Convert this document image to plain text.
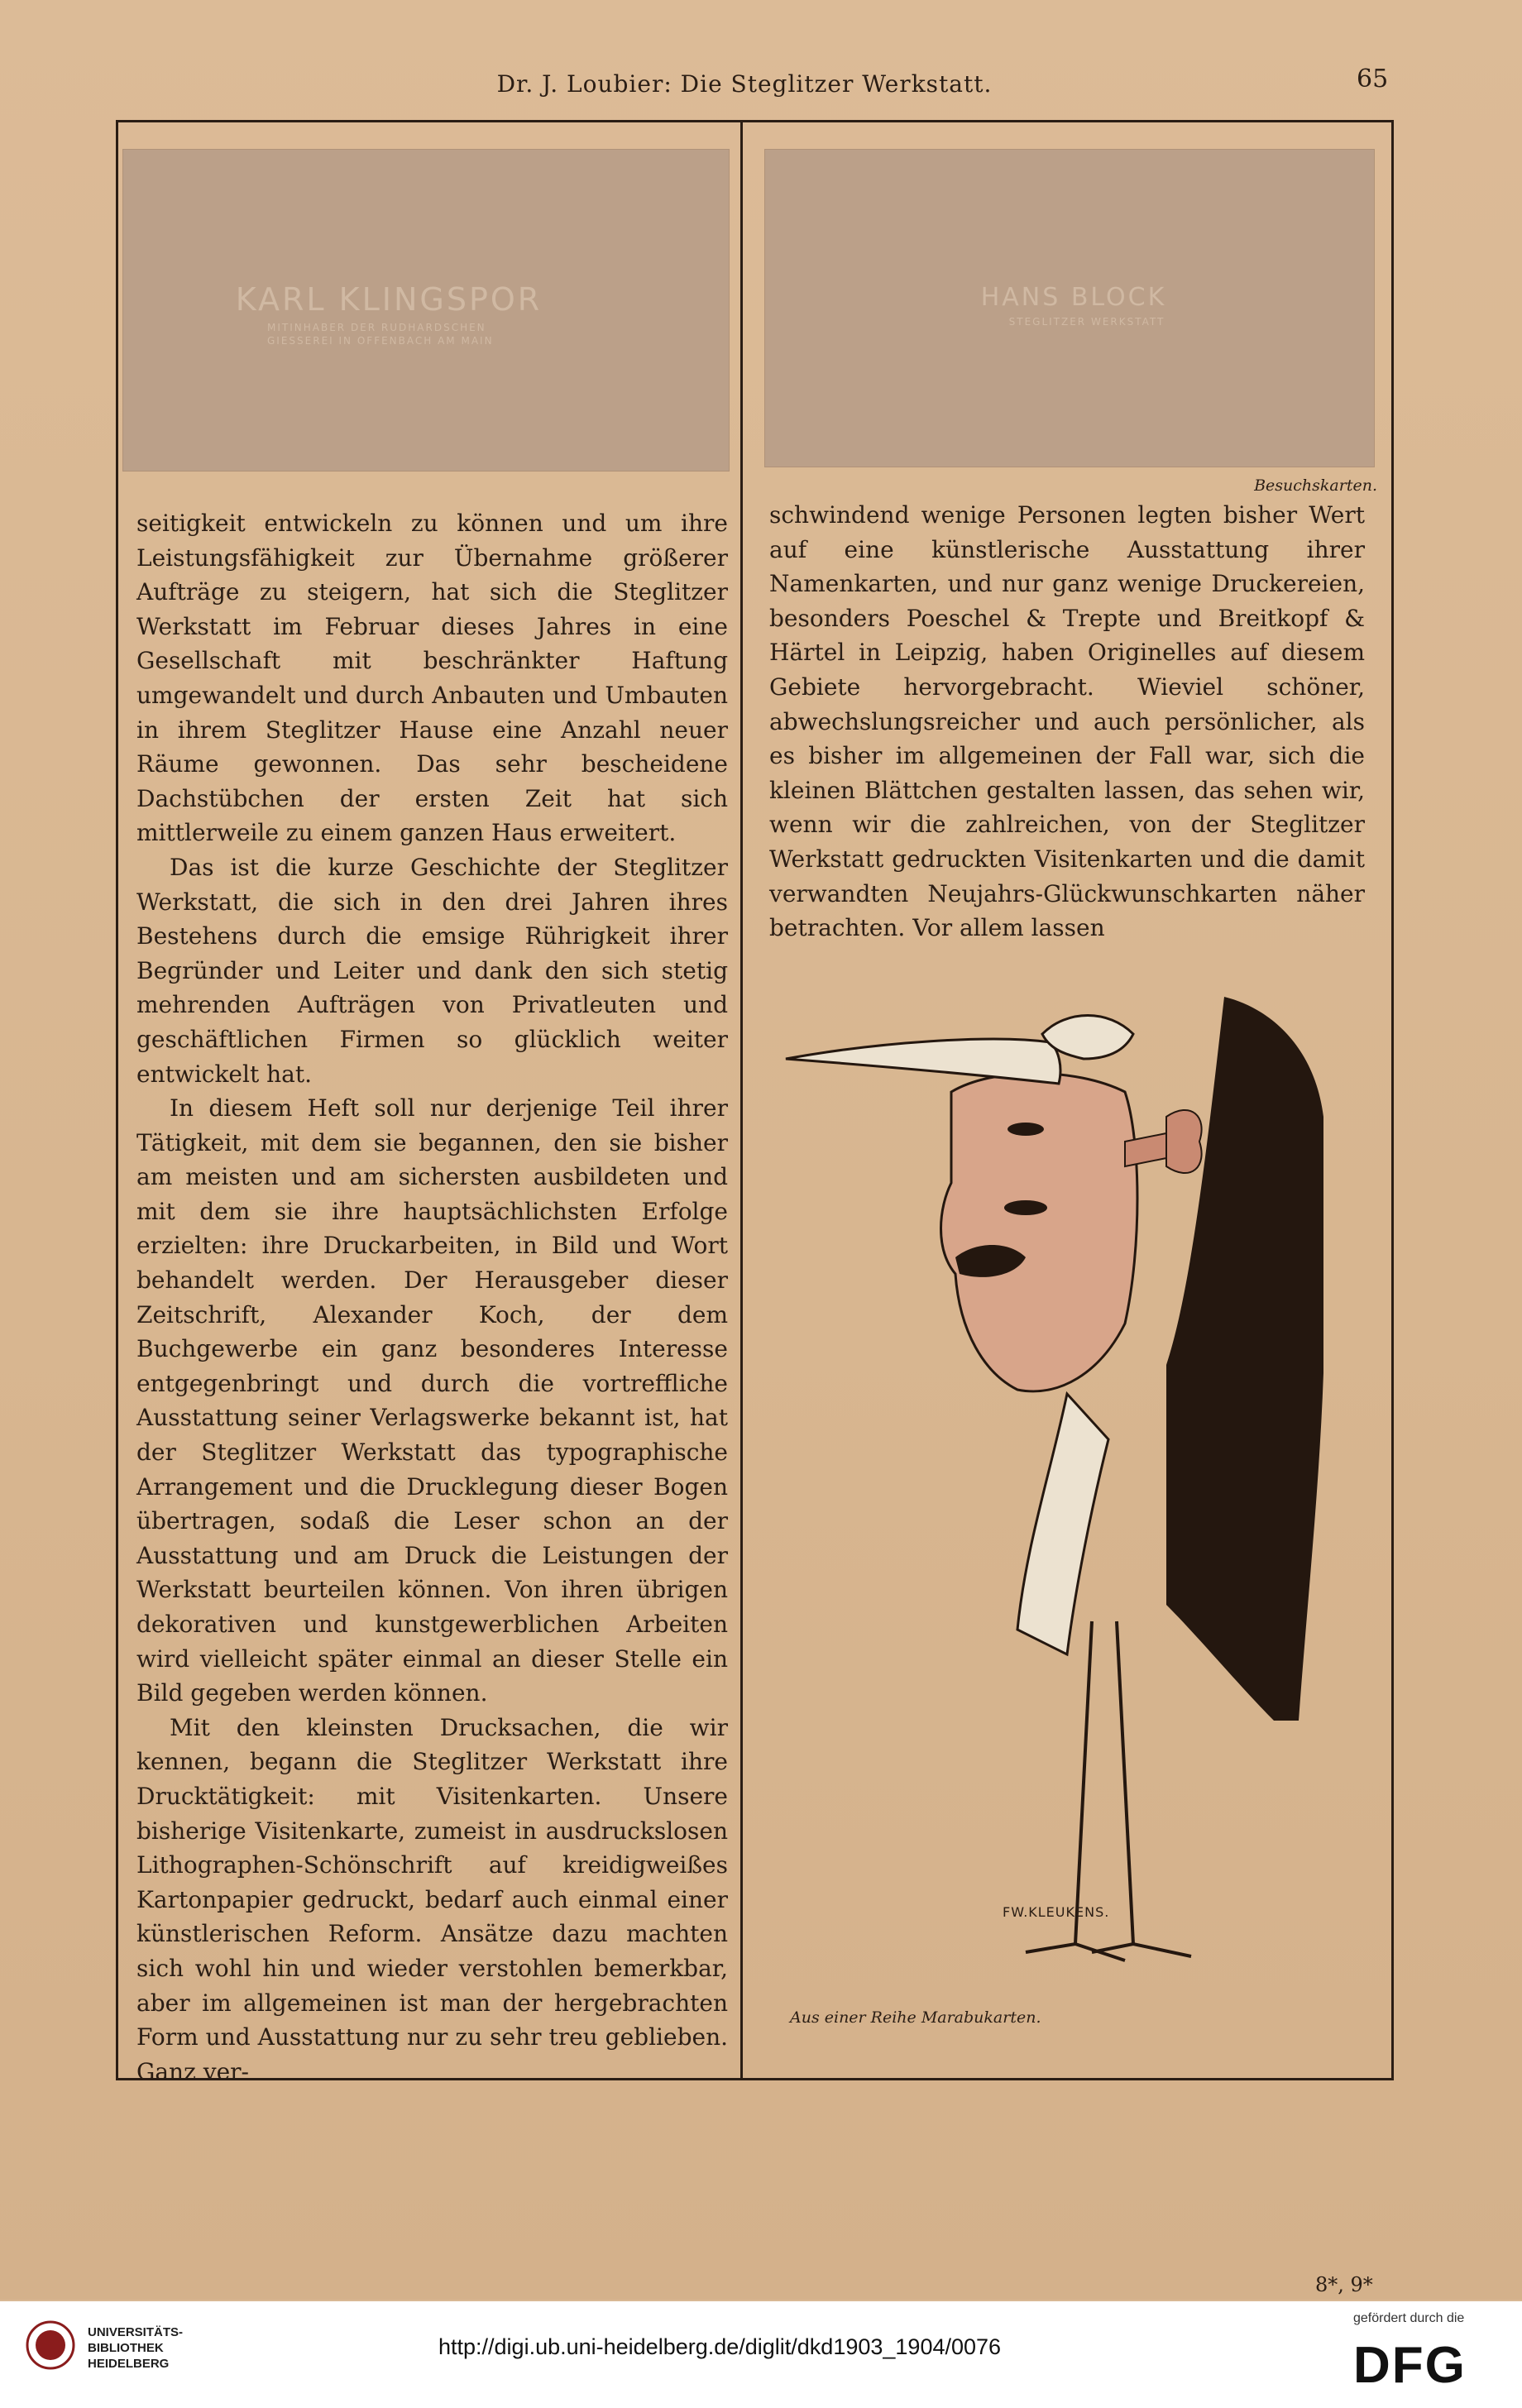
Dr. J. Loubier: Die Steglitzer Werkstatt.	65
KARL KLINGSPOR
MITINHABER DER RUDHARDSCHEN
GIESSEREI IN OFFENBACH AM MAIN
HANS BLOCK
STEGLITZER WERKSTATT
Besuchskarten.

seitigkeit entwickeln zu können und um ihre Leistungsfähigkeit zur Übernahme größerer Aufträge zu steigern, hat sich die Steglitzer Werkstatt im Februar dieses Jahres in eine Gesellschaft mit beschränkter Haftung umgewandelt und durch Anbauten und Umbauten in ihrem Steglitzer Hause eine Anzahl neuer Räume gewonnen. Das sehr bescheidene Dachstübchen der ersten Zeit hat sich mittlerweile zu einem ganzen Haus erweitert.

Das ist die kurze Geschichte der Steglitzer Werkstatt, die sich in den drei Jahren ihres Bestehens durch die emsige Rührigkeit ihrer Begründer und Leiter und dank den sich stetig mehrenden Aufträgen von Privatleuten und geschäftlichen Firmen so glücklich weiter entwickelt hat.

In diesem Heft soll nur derjenige Teil ihrer Tätigkeit, mit dem sie begannen, den sie bisher am meisten und am sichersten ausbildeten und mit dem sie ihre hauptsächlichsten Erfolge erzielten: ihre Druckarbeiten, in Bild und Wort behandelt werden. Der Herausgeber dieser Zeitschrift, Alexander Koch, der dem Buchgewerbe ein ganz besonderes Interesse entgegenbringt und durch die vortreffliche Ausstattung seiner Verlagswerke bekannt ist, hat der Steglitzer Werkstatt das typographische Arrangement und die Drucklegung dieser Bogen übertragen, sodaß die Leser schon an der Ausstattung und am Druck die Leistungen der Werkstatt beurteilen können. Von ihren übrigen dekorativen und kunstgewerblichen Arbeiten wird vielleicht später einmal an dieser Stelle ein Bild gegeben werden können.

Mit den kleinsten Drucksachen, die wir kennen, begann die Steglitzer Werkstatt ihre Drucktätigkeit: mit Visitenkarten. Unsere bisherige Visitenkarte, zumeist in ausdruckslosen Lithographen-Schönschrift auf kreidigweißes Kartonpapier gedruckt, bedarf auch einmal einer künstlerischen Reform. Ansätze dazu machten sich wohl hin und wieder verstohlen bemerkbar, aber im allgemeinen ist man der hergebrachten Form und Ausstattung nur zu sehr treu geblieben. Ganz ver-

schwindend wenige Personen legten bisher Wert auf eine künstlerische Ausstattung ihrer Namenkarten, und nur ganz wenige Druckereien, besonders Poeschel & Trepte und Breitkopf & Härtel in Leipzig, haben Originelles auf diesem Gebiete hervorgebracht. Wieviel schöner, abwechslungsreicher und auch persönlicher, als es bisher im allgemeinen der Fall war, sich die kleinen Blättchen gestalten lassen, das sehen wir, wenn wir die zahlreichen, von der Steglitzer Werkstatt gedruckten Visitenkarten und die damit verwandten Neujahrs-Glückwunschkarten näher betrachten. Vor allem lassen

FW.KLEUKENS.
Aus einer Reihe Marabukarten.
8*, 9*
UNIVERSITÄTS-
BIBLIOTHEK
HEIDELBERG
http://digi.ub.uni-heidelberg.de/diglit/dkd1903_1904/0076
gefördert durch die
DFG
